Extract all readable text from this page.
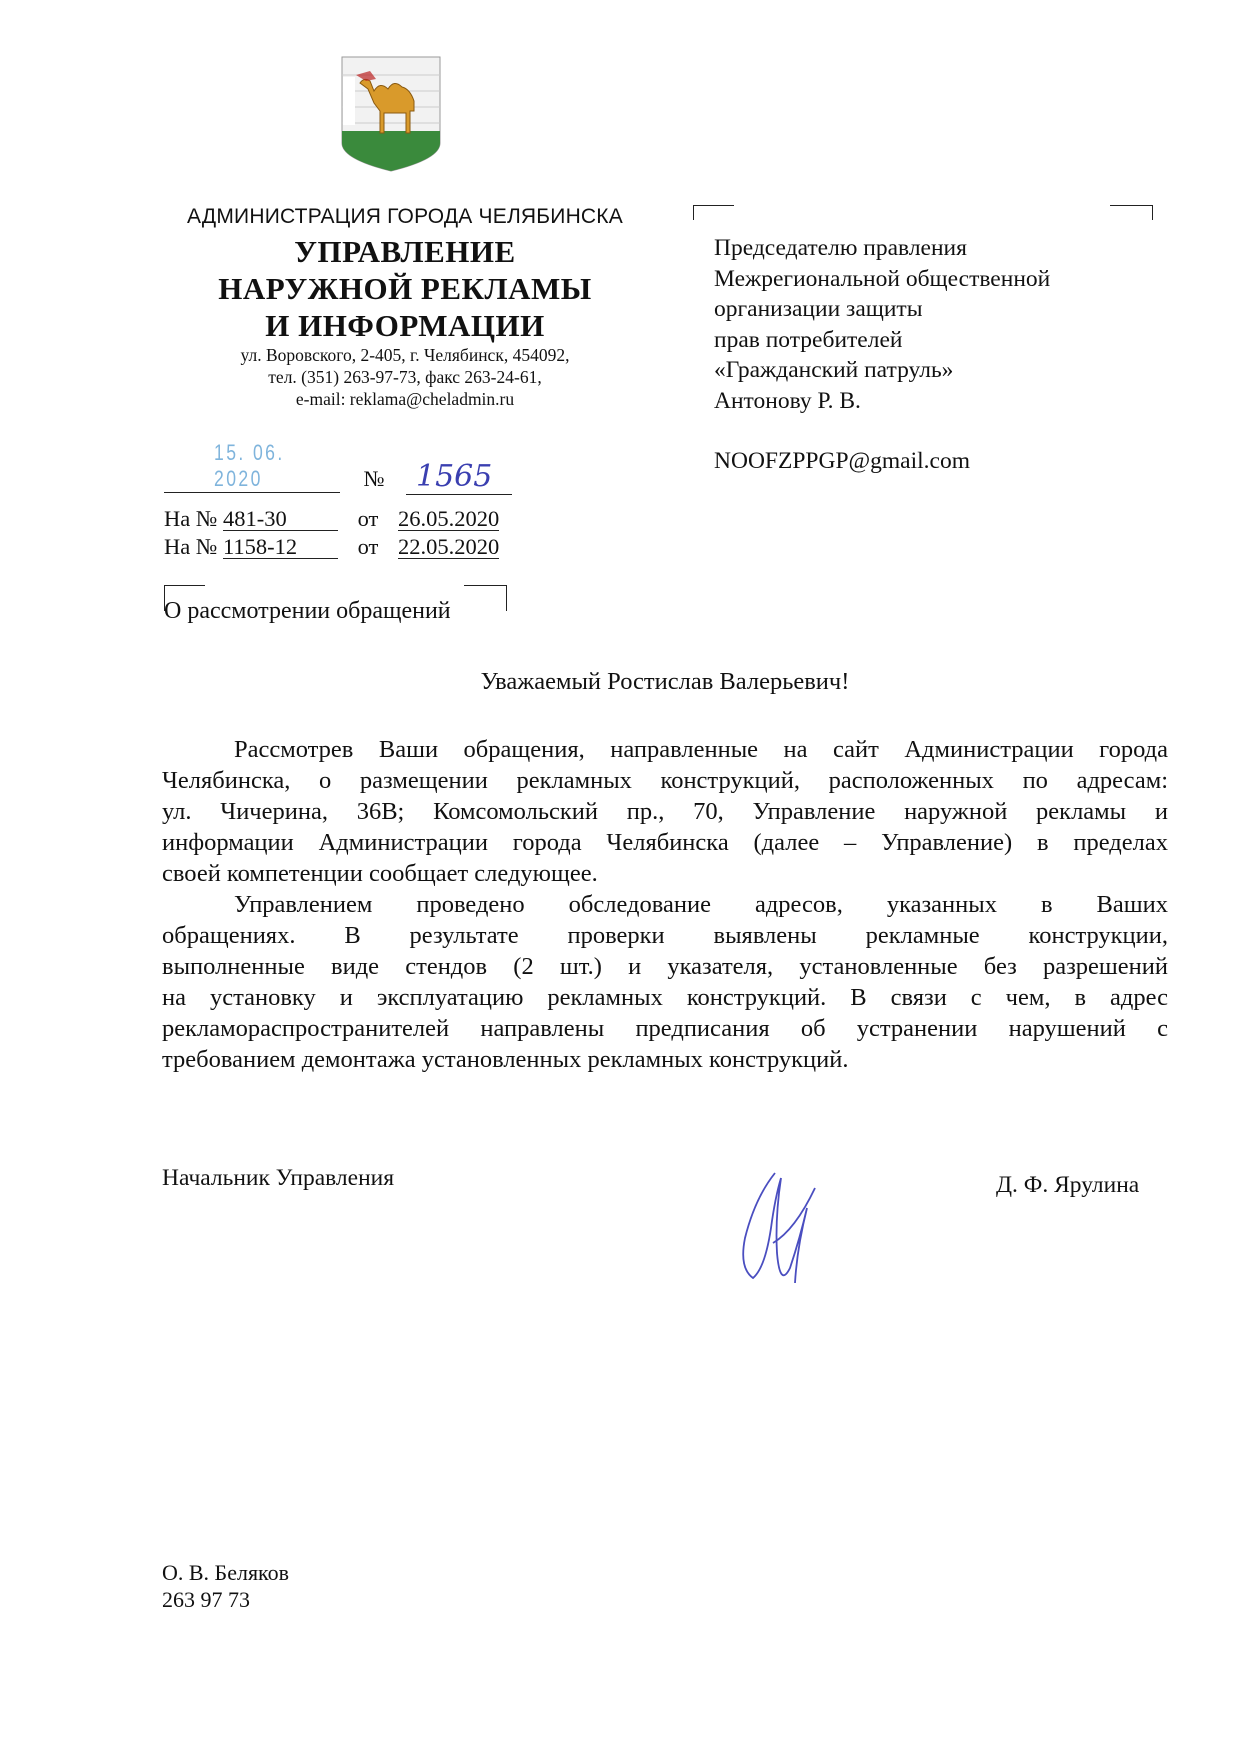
АДМИНИСТРАЦИЯ ГОРОДА ЧЕЛЯБИНСКА
УПРАВЛЕНИЕ
НАРУЖНОЙ РЕКЛАМЫ
И ИНФОРМАЦИИ
ул. Воровского, 2-405, г. Челябинск, 454092,
тел. (351) 263-97-73, факс 263-24-61,
e-mail: reklama@cheladmin.ru
15. 06. 2020	№ 1565
На № 481-30	от 26.05.2020
На № 1158-12	от 22.05.2020
О рассмотрении обращений
Председателю правления
Межрегиональной общественной
организации защиты
прав потребителей
«Гражданский патруль»
Антонову Р. В.
NOOFZPPGP@gmail.com
Уважаемый Ростислав Валерьевич!
Рассмотрев Ваши обращения, направленные на сайт Администрации города
Челябинска, о размещении рекламных конструкций, расположенных по адресам:
ул. Чичерина, 36В; Комсомольский пр., 70, Управление наружной рекламы и
информации Администрации города Челябинска (далее – Управление) в пределах
своей компетенции сообщает следующее.
Управлением проведено обследование адресов, указанных в Ваших
обращениях. В результате проверки выявлены рекламные конструкции,
выполненные виде стендов (2 шт.) и указателя, установленные без разрешений
на установку и эксплуатацию рекламных конструкций. В связи с чем, в адрес
рекламораспространителей направлены предписания об устранении нарушений с
требованием демонтажа установленных рекламных конструкций.
Начальник Управления	Д. Ф. Ярулина
О. В. Беляков
263 97 73
